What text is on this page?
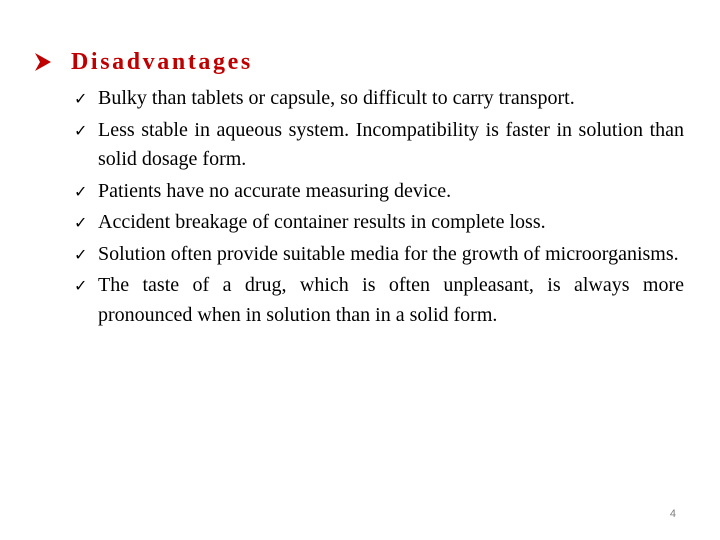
Disadvantages
✓ Bulky than tablets or capsule, so difficult to carry transport.
✓ Less stable in aqueous system. Incompatibility is faster in solution than solid dosage form.
✓ Patients have no accurate measuring device.
✓ Accident breakage of container results in complete loss.
✓ Solution often provide suitable media for the growth of microorganisms.
✓ The taste of a drug, which is often unpleasant, is always more pronounced when in solution than in a solid form.
4
